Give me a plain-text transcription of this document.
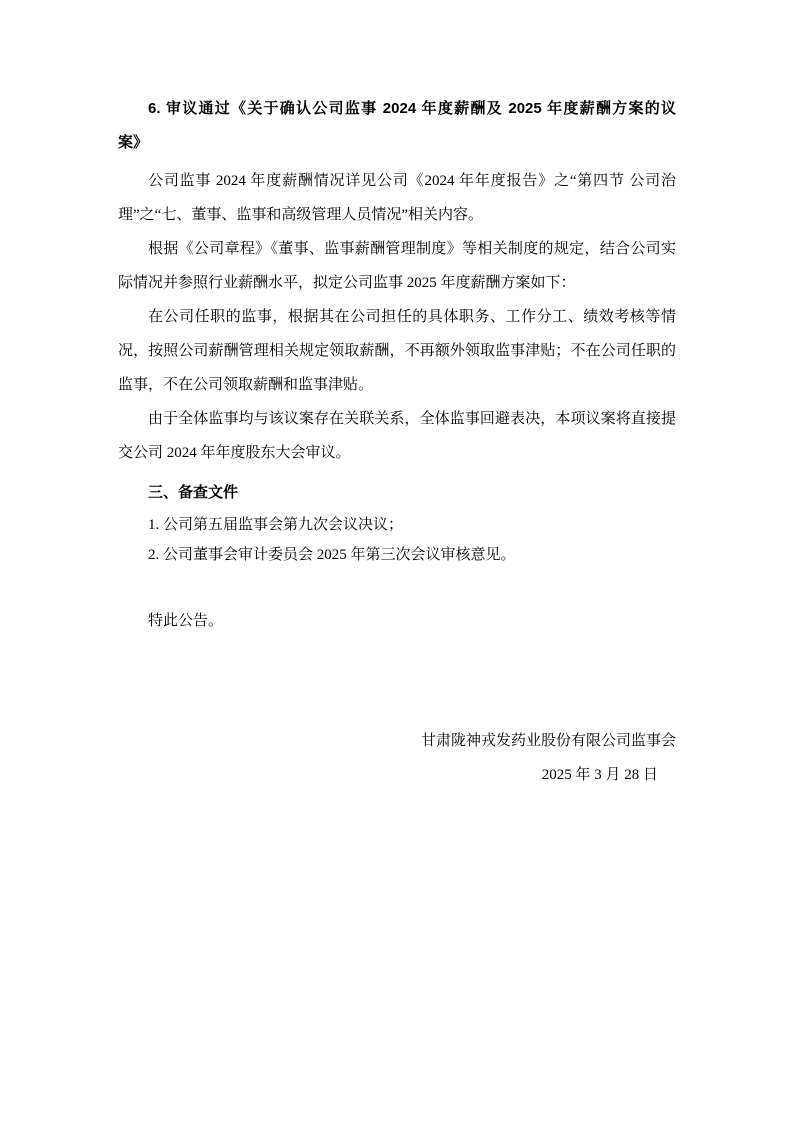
6. 审议通过《关于确认公司监事 2024 年度薪酬及 2025 年度薪酬方案的议
案》

公司监事 2024 年度薪酬情况详见公司《2024 年年度报告》之“第四节 公司治理”之“七、董事、监事和高级管理人员情况”相关内容。

根据《公司章程》《董事、监事薪酬管理制度》等相关制度的规定，结合公司实际情况并参照行业薪酬水平，拟定公司监事 2025 年度薪酬方案如下：

在公司任职的监事，根据其在公司担任的具体职务、工作分工、绩效考核等情况，按照公司薪酬管理相关规定领取薪酬，不再额外领取监事津贴；不在公司任职的监事，不在公司领取薪酬和监事津贴。

由于全体监事均与该议案存在关联关系，全体监事回避表决，本项议案将直接提交公司 2024 年年度股东大会审议。

三、备查文件

1. 公司第五届监事会第九次会议决议；

2. 公司董事会审计委员会 2025 年第三次会议审核意见。

特此公告。

甘肃陇神戎发药业股份有限公司监事会
2025 年 3 月 28 日
